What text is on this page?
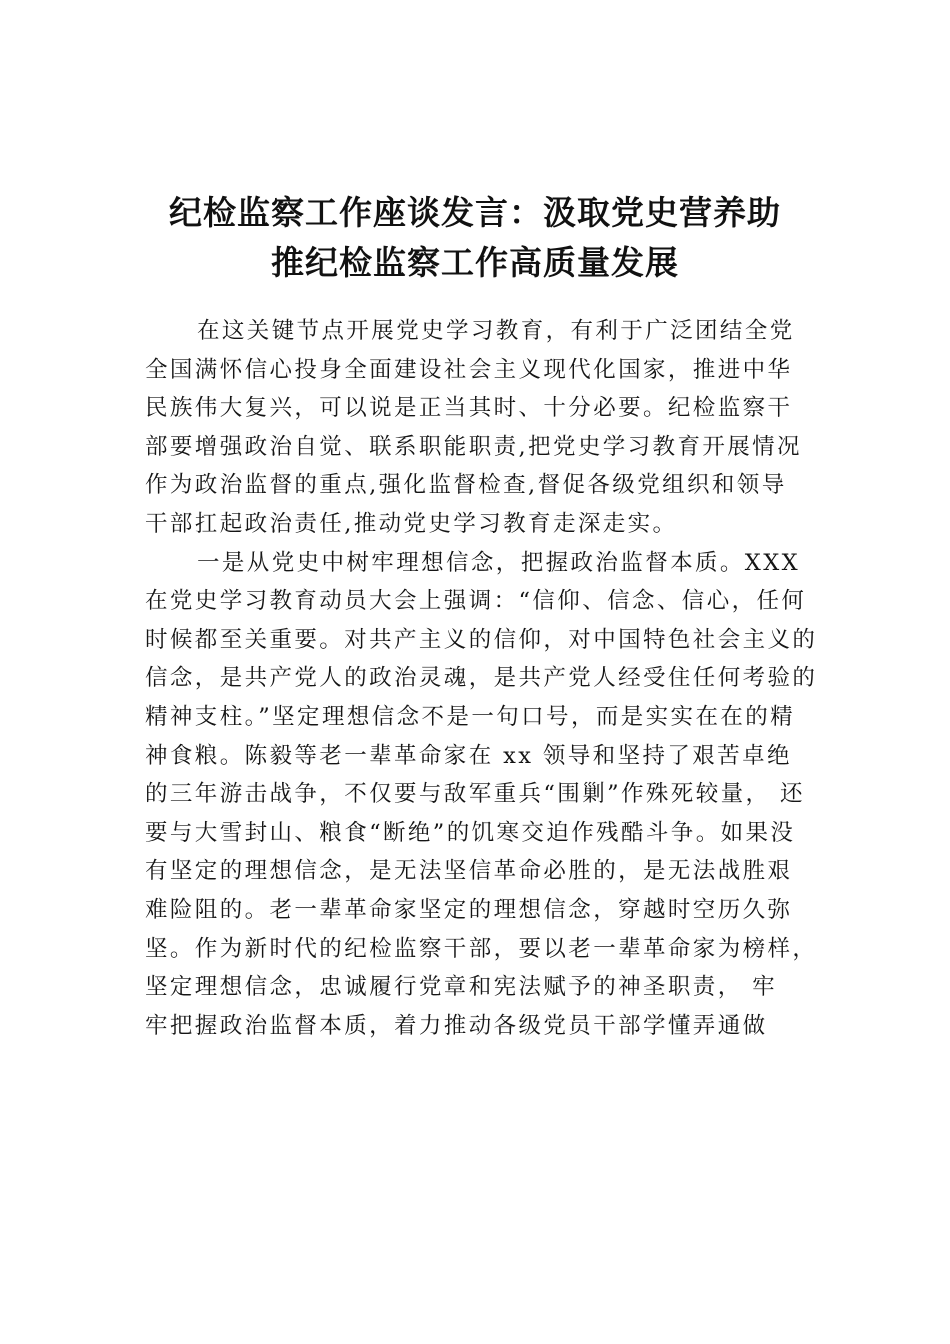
纪检监察工作座谈发言：汲取党史营养助
推纪检监察工作高质量发展
在这关键节点开展党史学习教育，有利于广泛团结全党
全国满怀信心投身全面建设社会主义现代化国家，推进中华
民族伟大复兴，可以说是正当其时、十分必要。纪检监察干
部要增强政治自觉、联系职能职责,把党史学习教育开展情况
作为政治监督的重点,强化监督检查,督促各级党组织和领导
干部扛起政治责任,推动党史学习教育走深走实。
一是从党史中树牢理想信念，把握政治监督本质。XXX
在党史学习教育动员大会上强调：“信仰、信念、信心，任何
时候都至关重要。对共产主义的信仰，对中国特色社会主义的
信念，是共产党人的政治灵魂，是共产党人经受住任何考验的
精神支柱。”坚定理想信念不是一句口号，而是实实在在的精
神食粮。陈毅等老一辈革命家在 xx 领导和坚持了艰苦卓绝
的三年游击战争，不仅要与敌军重兵“围剿”作殊死较量， 还
要与大雪封山、粮食“断绝”的饥寒交迫作残酷斗争。如果没
有坚定的理想信念，是无法坚信革命必胜的，是无法战胜艰
难险阻的。老一辈革命家坚定的理想信念，穿越时空历久弥
坚。作为新时代的纪检监察干部，要以老一辈革命家为榜样，
坚定理想信念，忠诚履行党章和宪法赋予的神圣职责， 牢
牢把握政治监督本质，着力推动各级党员干部学懂弄通做
